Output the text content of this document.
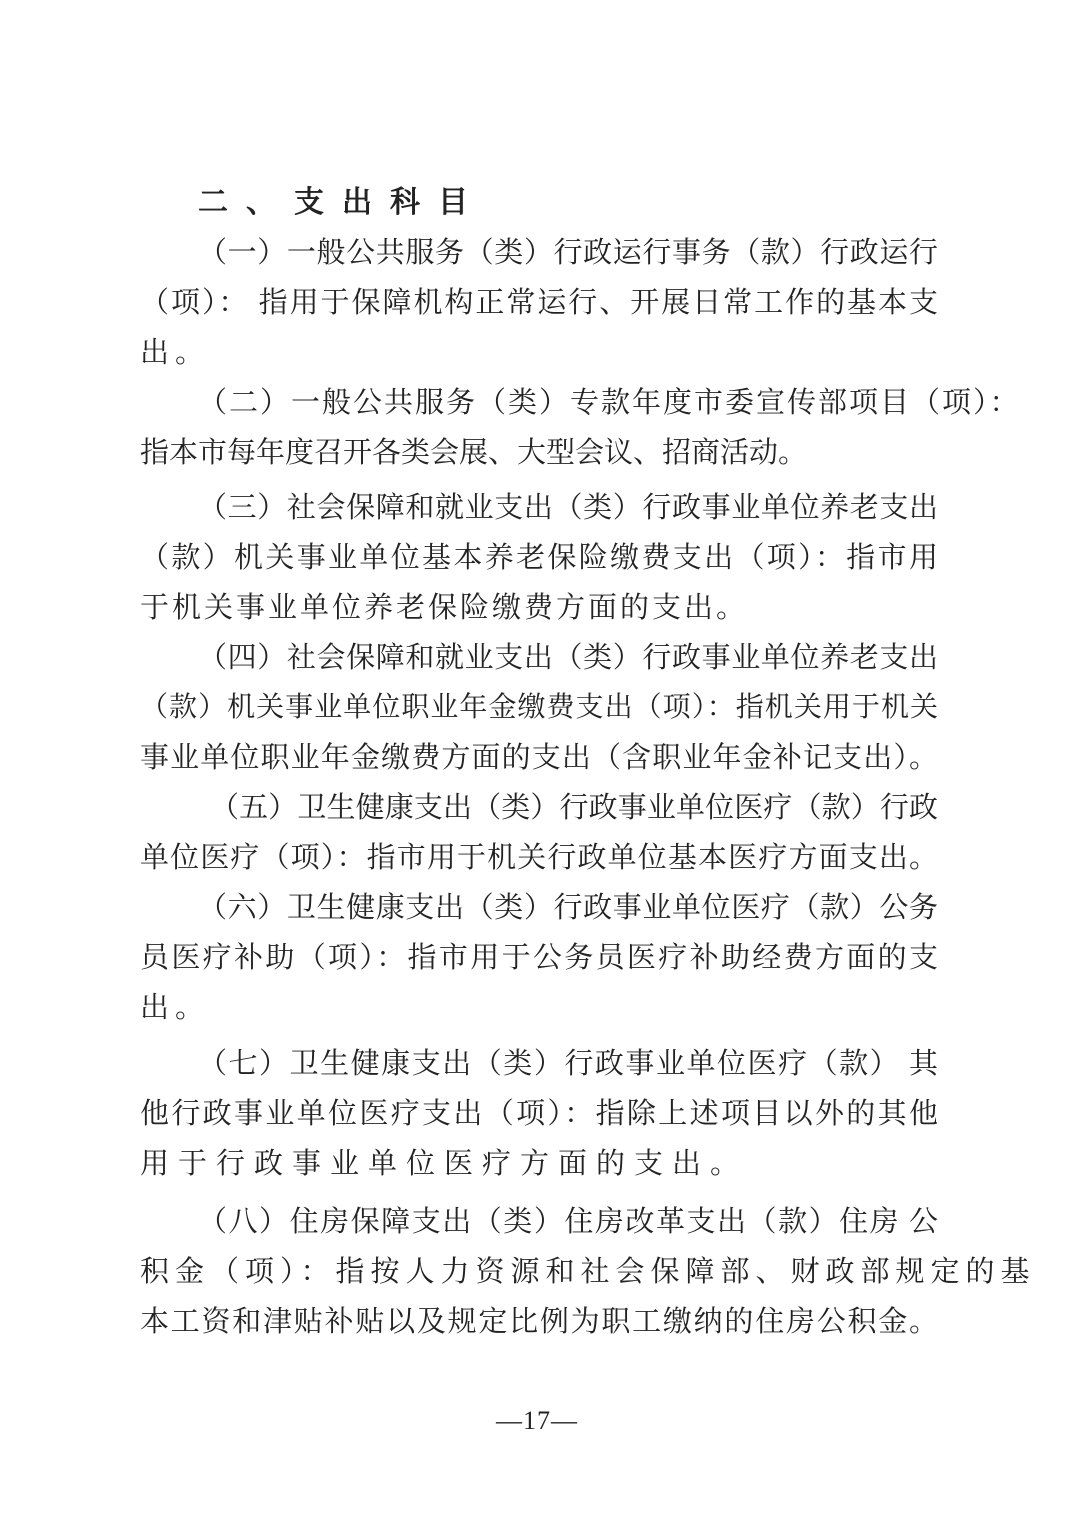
二、支出科目
（一）一般公共服务（类）行政运行事务（款）行政运行
（项）： 指用于保障机构正常运行、开展日常工作的基本支
出。
（二）一般公共服务（类）专款年度市委宣传部项目（项）：
指本市每年度召开各类会展、大型会议、招商活动。
（三）社会保障和就业支出（类）行政事业单位养老支出
（款）机关事业单位基本养老保险缴费支出（项）：指市用
于机关事业单位养老保险缴费方面的支出。
（四）社会保障和就业支出（类）行政事业单位养老支出
（款）机关事业单位职业年金缴费支出（项）：指机关用于机关
事业单位职业年金缴费方面的支出（含职业年金补记支出）。
（五）卫生健康支出（类）行政事业单位医疗（款）行政
单位医疗（项）：指市用于机关行政单位基本医疗方面支出。
（六）卫生健康支出（类）行政事业单位医疗（款）公务
员医疗补助（项）：指市用于公务员医疗补助经费方面的支
出。
（七）卫生健康支出（类）行政事业单位医疗（款） 其
他行政事业单位医疗支出（项）：指除上述项目以外的其他
用于行政事业单位医疗方面的支出。
（八）住房保障支出（类）住房改革支出（款）住房 公
积金（项）：指按人力资源和社会保障部、财政部规定的基
本工资和津贴补贴以及规定比例为职工缴纳的住房公积金。
—17—
